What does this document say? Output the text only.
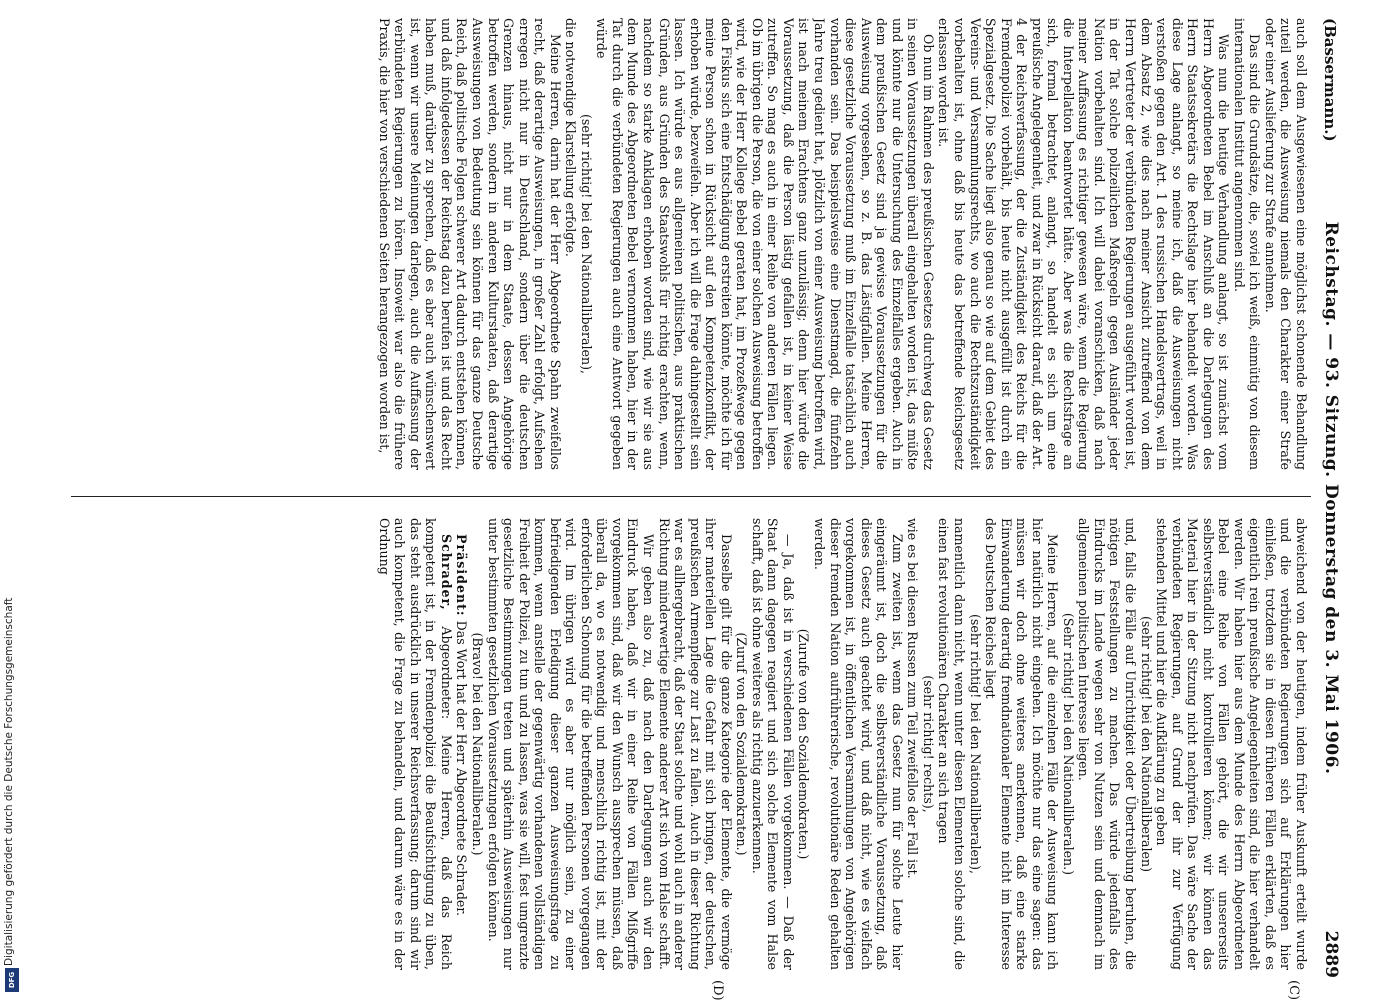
(Bassermann.)
Reichstag. — 93. Sitzung. Donnerstag den 3. Mai 1906.
2889
(C)
(D)

auch soll dem Ausgewiesenen eine möglichst schonende Behandlung zuteil werden, die Ausweisung niemals den Charakter einer Strafe oder einer Auslieferung zur Strafe annehmen.

Das sind die Grundsätze, die, soviel ich weiß, einmütig von diesem internationalen Institut angenommen sind.

Was nun die heutige Verhandlung anlangt, so ist zunächst vom Herrn Abgeordneten Bebel im Anschluß an die Darlegungen des Herrn Staatssekretärs die Rechtslage hier behandelt worden. Was diese Lage anlangt, so meine ich, daß die Ausweisungen nicht verstoßen gegen den Art. 1 des russischen Handelsvertrags, weil in dem Absatz 2, wie dies nach meiner Ansicht zutreffend von dem Herrn Vertreter der verbündeten Regierungen ausgeführt worden ist, in der Tat solche polizeilichen Maßregeln gegen Ausländer jeder Nation vorbehalten sind. Ich will dabei voranschicken, daß nach meiner Auffassung es richtiger gewesen wäre, wenn die Regierung die Interpellation beantwortet hätte. Aber was die Rechtsfrage an sich, formal betrachtet, anlangt, so handelt es sich um eine preußische Angelegenheit, und zwar in Rücksicht darauf, daß der Art. 4 der Reichsverfassung, der die Zuständigkeit des Reichs für die Fremdenpolizei vorbehält, bis heute nicht ausgefüllt ist durch ein Spezialgesetz. Die Sache liegt also genau so wie auf dem Gebiet des Vereins- und Versammlungsrechts, wo auch die Rechtszuständigkeit vorbehalten ist, ohne daß bis heute das betreffende Reichsgesetz erlassen worden ist.

Ob nun im Rahmen des preußischen Gesetzes durchweg das Gesetz in seinen Voraussetzungen überall eingehalten worden ist, das müßte und könnte nur die Untersuchung des Einzelfalles ergeben. Auch in dem preußischen Gesetz sind ja gewisse Voraussetzungen für die Ausweisung vorgesehen, so z. B. das Lästigfallen. Meine Herren, diese gesetzliche Voraussetzung muß im Einzelfalle tatsächlich auch vorhanden sein. Das beispielsweise eine Dienstmagd, die fünfzehn Jahre treu gedient hat, plötzlich von einer Ausweisung betroffen wird, ist nach meinem Erachtens ganz unzulässig; denn hier würde die Voraussetzung, daß die Person lästig gefallen ist, in keiner Weise zutreffen. So mag es auch in einer Reihe von anderen Fällen liegen. Ob im übrigen die Person, die von einer solchen Ausweisung betroffen wird, wie der Herr Kollege Bebel geraten hat, im Prozeßwege gegen den Fiskus sich eine Entschädigung erstreiten könnte, möchte ich für meine Person schon in Rücksicht auf den Kompetenzkonflikt, der erhoben würde, bezweifeln. Aber ich will die Frage dahingestellt sein lassen. Ich würde es aus allgemeinen politischen, aus praktischen Gründen, aus Gründen des Staatswohls für richtig erachten, wenn, nachdem so starke Anklagen erhoben worden sind, wie wir sie aus dem Munde des Abgeordneten Bebel vernommen haben, hier in der Tat durch die verbündeten Regierungen auch eine Antwort gegeben würde

(sehr richtig! bei den Nationalliberalen),

die notwendige Klarstellung erfolgte.

Meine Herren, darin hat der Herr Abgeordnete Spahn zweifellos recht, daß derartige Ausweisungen, in großer Zahl erfolgt, Aufsehen erregen nicht nur in Deutschland, sondern über die deutschen Grenzen hinaus, nicht nur in dem Staate, dessen Angehörige betroffen werden, sondern in anderen Kulturstaaten, daß derartige Ausweisungen von Bedeutung sein können für das ganze Deutsche Reich, daß politische Folgen schwerer Art dadurch entstehen können, und daß infolgedessen der Reichstag dazu berufen ist und das Recht haben muß, darüber zu sprechen, daß es aber auch wünschenswert ist, wenn wir unsere Meinungen darlegen, auch die Auffassung der verbündeten Regierungen zu hören. Insoweit war also die frühere Praxis, die hier von verschiedenen Seiten herangezogen worden ist,

abweichend von der heutigen, indem früher Auskunft erteilt wurde und die verbündeten Regierungen sich auf Erklärungen hier einließen, trotzdem sie in diesen früheren Fällen erklärten, daß es eigentlich rein preußische Angelegenheiten sind, die hier verhandelt werden. Wir haben hier aus dem Munde des Herrn Abgeordneten Bebel eine Reihe von Fällen gehört, die wir unsererseits selbstverständlich nicht kontrollieren können; wir können das Material hier in der Sitzung nicht nachprüfen. Das wäre Sache der verbündeten Regierungen, auf Grund der ihr zur Verfügung stehenden Mittel und hier die Aufklärung zu geben

(sehr richtig! bei den Nationalliberalen)

und, falls die Fälle auf Unrichtigkeit oder Übertreibung beruhen, die nötigen Feststellungen zu machen. Das würde jedenfalls des Eindrucks im Lande wegen sehr von Nutzen sein und demnach im allgemeinen politischen Interesse liegen.

(Sehr richtig! bei den Nationalliberalen.)

Meine Herren, auf die einzelnen Fälle der Ausweisung kann ich hier natürlich nicht eingehen. Ich möchte nur das eine sagen: das müssen wir doch ohne weiteres anerkennen, daß eine starke Einwanderung derartig fremdnationaler Elemente nicht im Interesse des Deutschen Reiches liegt

(sehr richtig! bei den Nationalliberalen),

namentlich dann nicht, wenn unter diesen Elementen solche sind, die einen fast revolutionären Charakter an sich tragen

(sehr richtig! rechts),

wie es bei diesen Russen zum Teil zweifellos der Fall ist.

Zum zweiten ist, wenn das Gesetz nun für solche Leute hier eingeräumt ist, doch die selbstverständliche Voraussetzung, daß dieses Gesetz auch geachtet wird, und daß nicht, wie es vielfach vorgekommen ist, in öffentlichen Versammlungen von Angehörigen dieser fremden Nation aufrührerische, revolutionäre Reden gehalten werden.

(Zurufe von den Sozialdemokraten.)

— Ja, daß ist in verschiedenen Fällen vorgekommen. — Daß der Staat dann dagegen reagiert und sich solche Elemente vom Halse schafft, daß ist ohne weiteres als richtig anzuerkennen.

(Zuruf von den Sozialdemokraten.)

Dasselbe gilt für die ganze Kategorie der Elemente, die vermöge ihrer materiellen Lage die Gefahr mit sich bringen, der deutschen, preußischen Armenpflege zur Last zu fallen. Auch in dieser Richtung war es allhergebracht, daß der Staat solche und wohl auch in anderer Richtung minderwertige Elemente anderer Art sich vom Halse schafft.

Wir geben also zu, daß nach den Darlegungen auch wir den Eindruck haben, daß wir in einer Reihe von Fällen Mißgriffe vorgekommen sind, daß wir den Wunsch aussprechen müssen, daß überall da, wo es notwendig und menschlich richtig ist, mit der erforderlichen Schonung für die betreffenden Personen vorgegangen wird. Im übrigen wird es aber nur möglich sein, zu einer befriedigenden Erledigung dieser ganzen Ausweisungsfrage zu kommen, wenn anstelle der gegenwärtig vorhandenen vollständigen Freiheit der Polizei, zu tun und zu lassen, was sie will, fest umgrenzte gesetzliche Bestimmungen treten und späterhin Ausweisungen nur unter bestimmten gesetzlichen Voraussetzungen erfolgen können.

(Bravo! bei den Nationalliberalen.)

Präsident: Das Wort hat der Herr Abgeordnete Schrader.

Schrader, Abgeordneter: Meine Herren, daß das Reich kompetent ist, in der Fremdenpolizei die Beaufsichtigung zu üben, das steht ausdrücklich in unserer Reichsverfassung; darum sind wir auch kompetent, die Frage zu behandeln, und darum wäre es in der Ordnung

Digitalisierung gefördert durch die Deutsche Forschungsgemeinschaft
DFG
